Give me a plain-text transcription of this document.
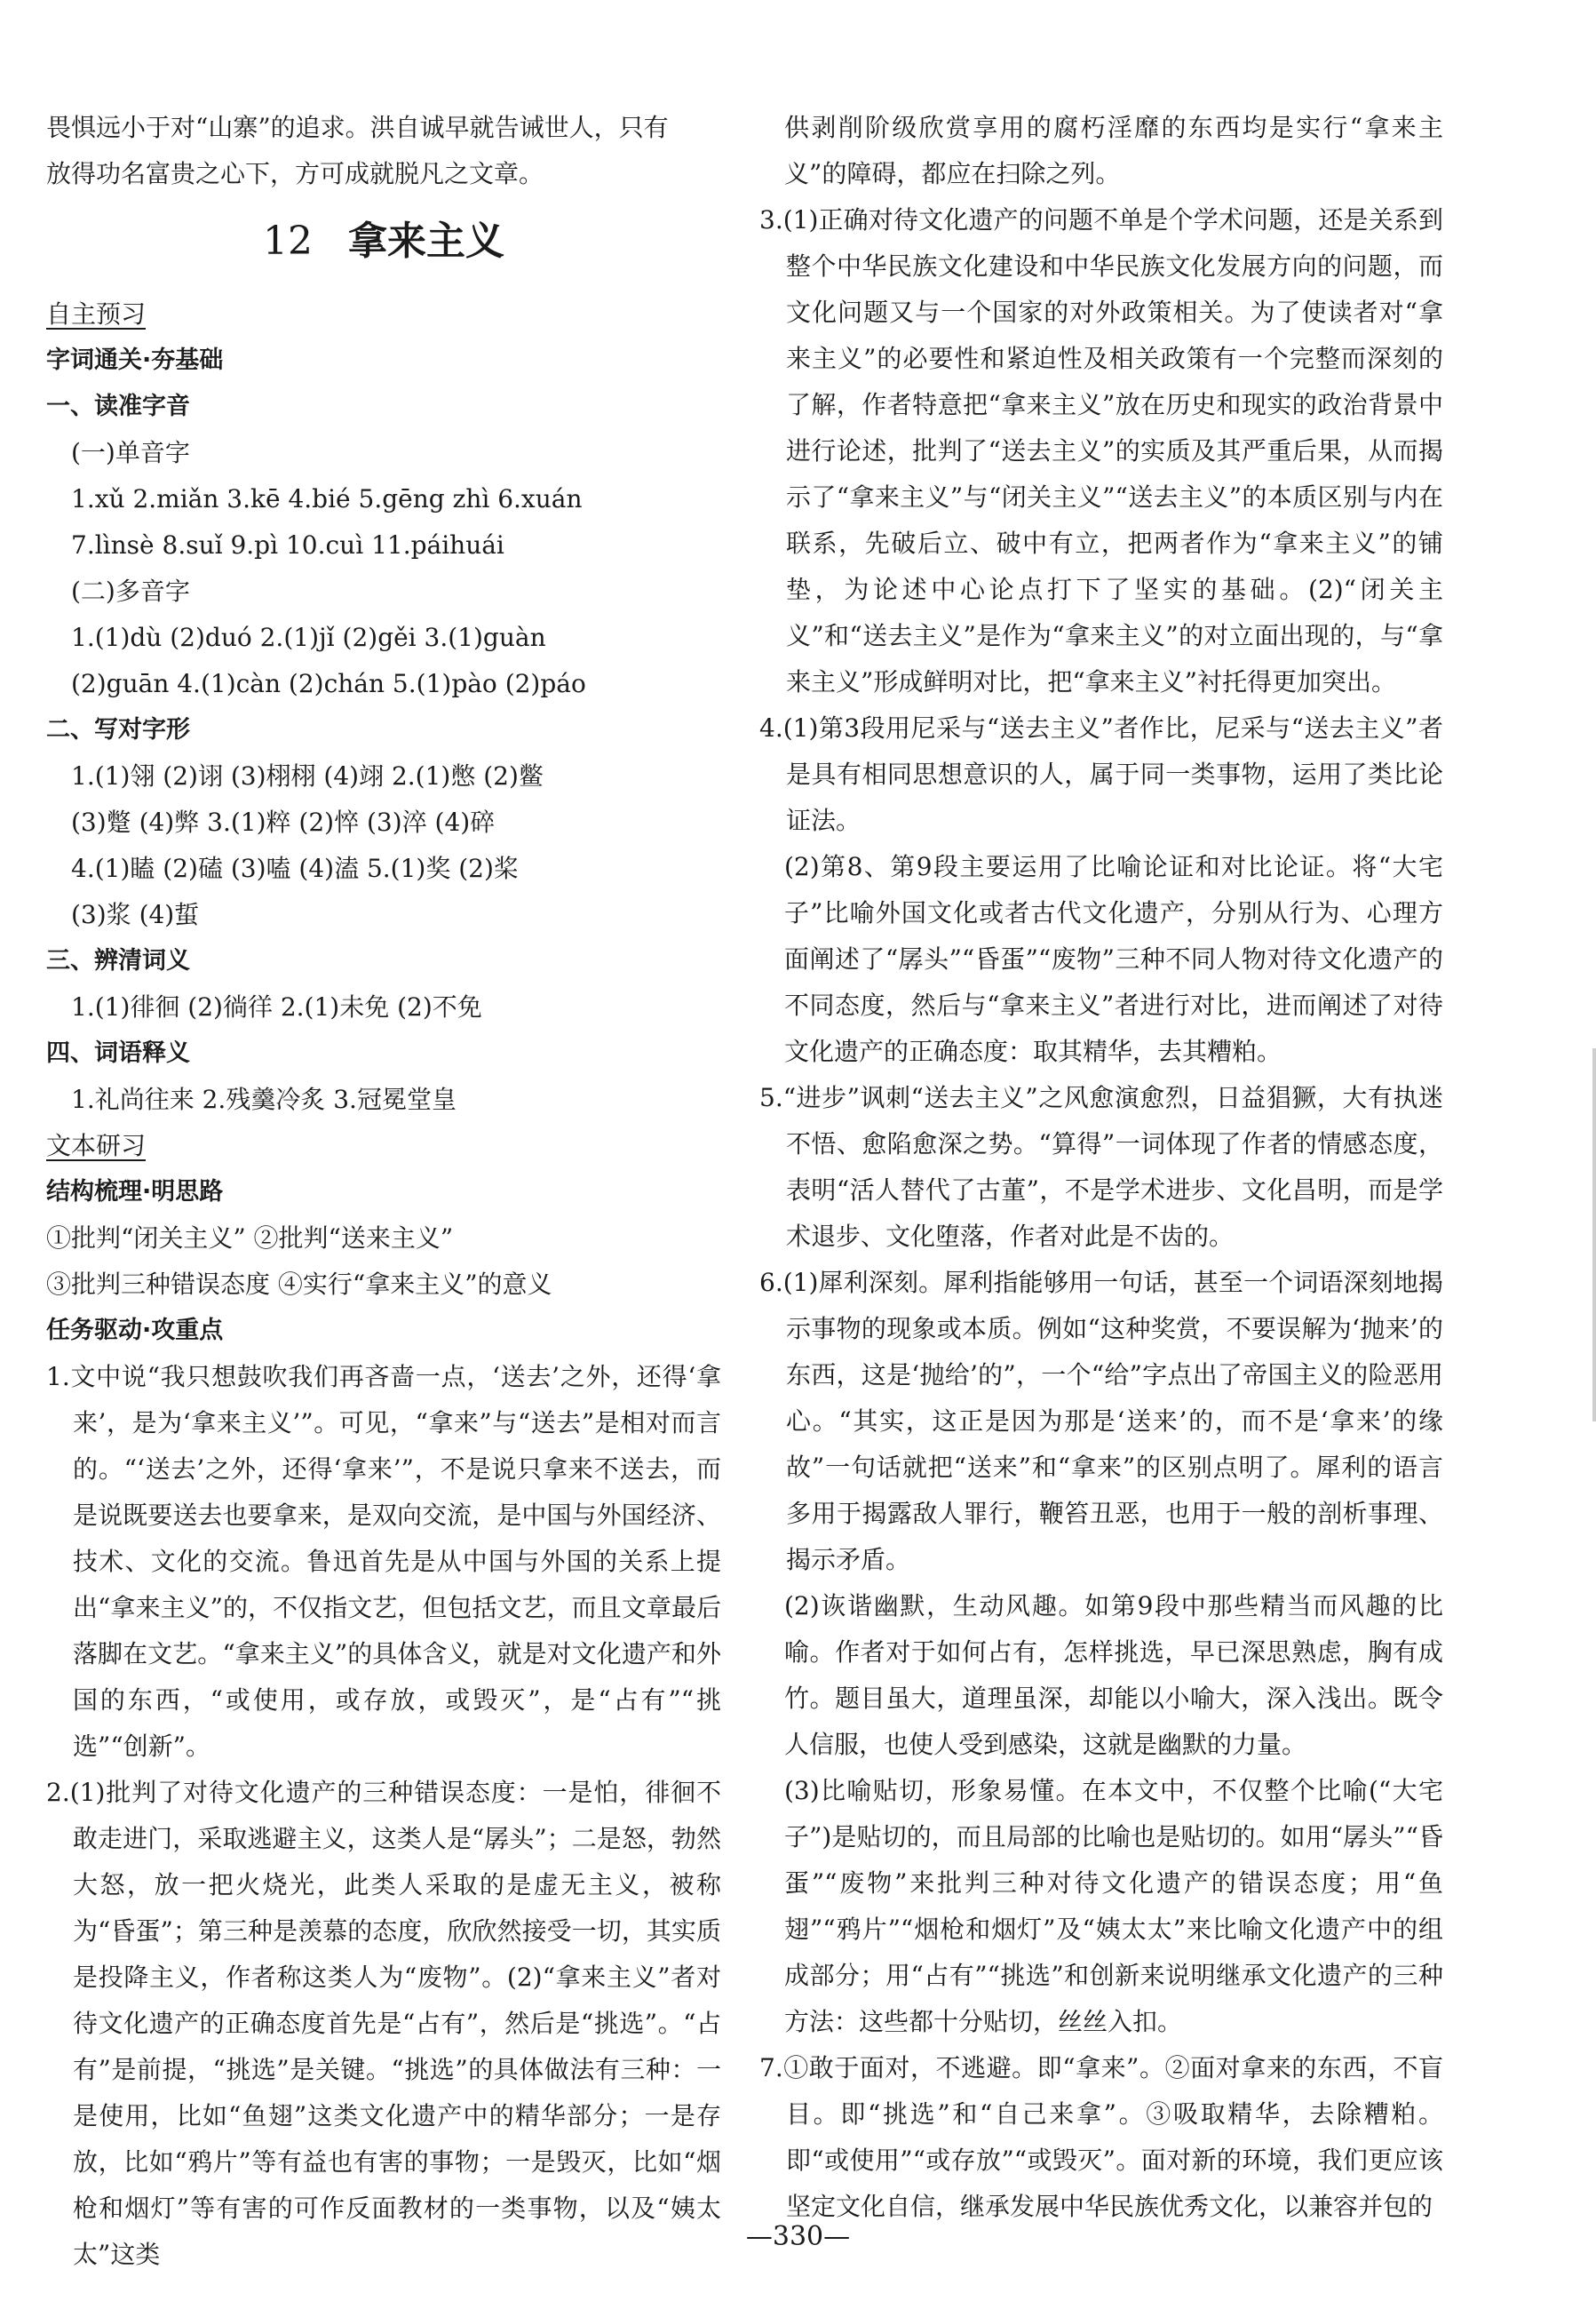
畏惧远小于对“山寨”的追求。洪自诚早就告诫世人，只有

放得功名富贵之心下，方可成就脱凡之文章。

12 拿来主义

自主预习

字词通关·夯基础

一、读准字音

(一)单音字

1.xǔ 2.miǎn 3.kē 4.bié 5.gēng zhì 6.xuán

7.lìnsè 8.suǐ 9.pì 10.cuì 11.páihuái

(二)多音字

1.(1)dù (2)duó 2.(1)jǐ (2)gěi 3.(1)guàn

(2)guān 4.(1)càn (2)chán 5.(1)pào (2)páo

二、写对字形

1.(1)翎 (2)诩 (3)栩栩 (4)翊 2.(1)憋 (2)鳖

(3)蹩 (4)弊 3.(1)粹 (2)悴 (3)淬 (4)碎

4.(1)瞌 (2)磕 (3)嗑 (4)溘 5.(1)奖 (2)桨

(3)浆 (4)蜇

三、辨清词义

1.(1)徘徊 (2)徜徉 2.(1)未免 (2)不免

四、词语释义

1.礼尚往来 2.残羹冷炙 3.冠冕堂皇

文本研习

结构梳理·明思路

①批判“闭关主义” ②批判“送来主义”

③批判三种错误态度 ④实行“拿来主义”的意义

任务驱动·攻重点

1.文中说“我只想鼓吹我们再吝啬一点，‘送去’之外，还得‘拿来’，是为‘拿来主义’”。可见，“拿来”与“送去”是相对而言的。“‘送去’之外，还得‘拿来’”，不是说只拿来不送去，而是说既要送去也要拿来，是双向交流，是中国与外国经济、技术、文化的交流。鲁迅首先是从中国与外国的关系上提出“拿来主义”的，不仅指文艺，但包括文艺，而且文章最后落脚在文艺。“拿来主义”的具体含义，就是对文化遗产和外国的东西，“或使用，或存放，或毁灭”，是“占有”“挑选”“创新”。

2.(1)批判了对待文化遗产的三种错误态度：一是怕，徘徊不敢走进门，采取逃避主义，这类人是“孱头”；二是怒，勃然大怒，放一把火烧光，此类人采取的是虚无主义，被称为“昏蛋”；第三种是羡慕的态度，欣欣然接受一切，其实质是投降主义，作者称这类人为“废物”。(2)“拿来主义”者对待文化遗产的正确态度首先是“占有”，然后是“挑选”。“占有”是前提，“挑选”是关键。“挑选”的具体做法有三种：一是使用，比如“鱼翅”这类文化遗产中的精华部分；一是存放，比如“鸦片”等有益也有害的事物；一是毁灭，比如“烟枪和烟灯”等有害的可作反面教材的一类事物，以及“姨太太”这类

供剥削阶级欣赏享用的腐朽淫靡的东西均是实行“拿来主义”的障碍，都应在扫除之列。

3.(1)正确对待文化遗产的问题不单是个学术问题，还是关系到整个中华民族文化建设和中华民族文化发展方向的问题，而文化问题又与一个国家的对外政策相关。为了使读者对“拿来主义”的必要性和紧迫性及相关政策有一个完整而深刻的了解，作者特意把“拿来主义”放在历史和现实的政治背景中进行论述，批判了“送去主义”的实质及其严重后果，从而揭示了“拿来主义”与“闭关主义”“送去主义”的本质区别与内在联系，先破后立、破中有立，把两者作为“拿来主义”的铺垫，为论述中心论点打下了坚实的基础。(2)“闭关主义”和“送去主义”是作为“拿来主义”的对立面出现的，与“拿来主义”形成鲜明对比，把“拿来主义”衬托得更加突出。

4.(1)第3段用尼采与“送去主义”者作比，尼采与“送去主义”者是具有相同思想意识的人，属于同一类事物，运用了类比论证法。

(2)第8、第9段主要运用了比喻论证和对比论证。将“大宅子”比喻外国文化或者古代文化遗产，分别从行为、心理方面阐述了“孱头”“昏蛋”“废物”三种不同人物对待文化遗产的不同态度，然后与“拿来主义”者进行对比，进而阐述了对待文化遗产的正确态度：取其精华，去其糟粕。

5.“进步”讽刺“送去主义”之风愈演愈烈，日益猖獗，大有执迷不悟、愈陷愈深之势。“算得”一词体现了作者的情感态度，表明“活人替代了古董”，不是学术进步、文化昌明，而是学术退步、文化堕落，作者对此是不齿的。

6.(1)犀利深刻。犀利指能够用一句话，甚至一个词语深刻地揭示事物的现象或本质。例如“这种奖赏，不要误解为‘抛来’的东西，这是‘抛给’的”，一个“给”字点出了帝国主义的险恶用心。“其实，这正是因为那是‘送来’的，而不是‘拿来’的缘故”一句话就把“送来”和“拿来”的区别点明了。犀利的语言多用于揭露敌人罪行，鞭笞丑恶，也用于一般的剖析事理、揭示矛盾。

(2)诙谐幽默，生动风趣。如第9段中那些精当而风趣的比喻。作者对于如何占有，怎样挑选，早已深思熟虑，胸有成竹。题目虽大，道理虽深，却能以小喻大，深入浅出。既令人信服，也使人受到感染，这就是幽默的力量。

(3)比喻贴切，形象易懂。在本文中，不仅整个比喻(“大宅子”)是贴切的，而且局部的比喻也是贴切的。如用“孱头”“昏蛋”“废物”来批判三种对待文化遗产的错误态度；用“鱼翅”“鸦片”“烟枪和烟灯”及“姨太太”来比喻文化遗产中的组成部分；用“占有”“挑选”和创新来说明继承文化遗产的三种方法：这些都十分贴切，丝丝入扣。

7.①敢于面对，不逃避。即“拿来”。②面对拿来的东西，不盲目。即“挑选”和“自己来拿”。③吸取精华，去除糟粕。即“或使用”“或存放”“或毁灭”。面对新的环境，我们更应该坚定文化自信，继承发展中华民族优秀文化，以兼容并包的

—330—
